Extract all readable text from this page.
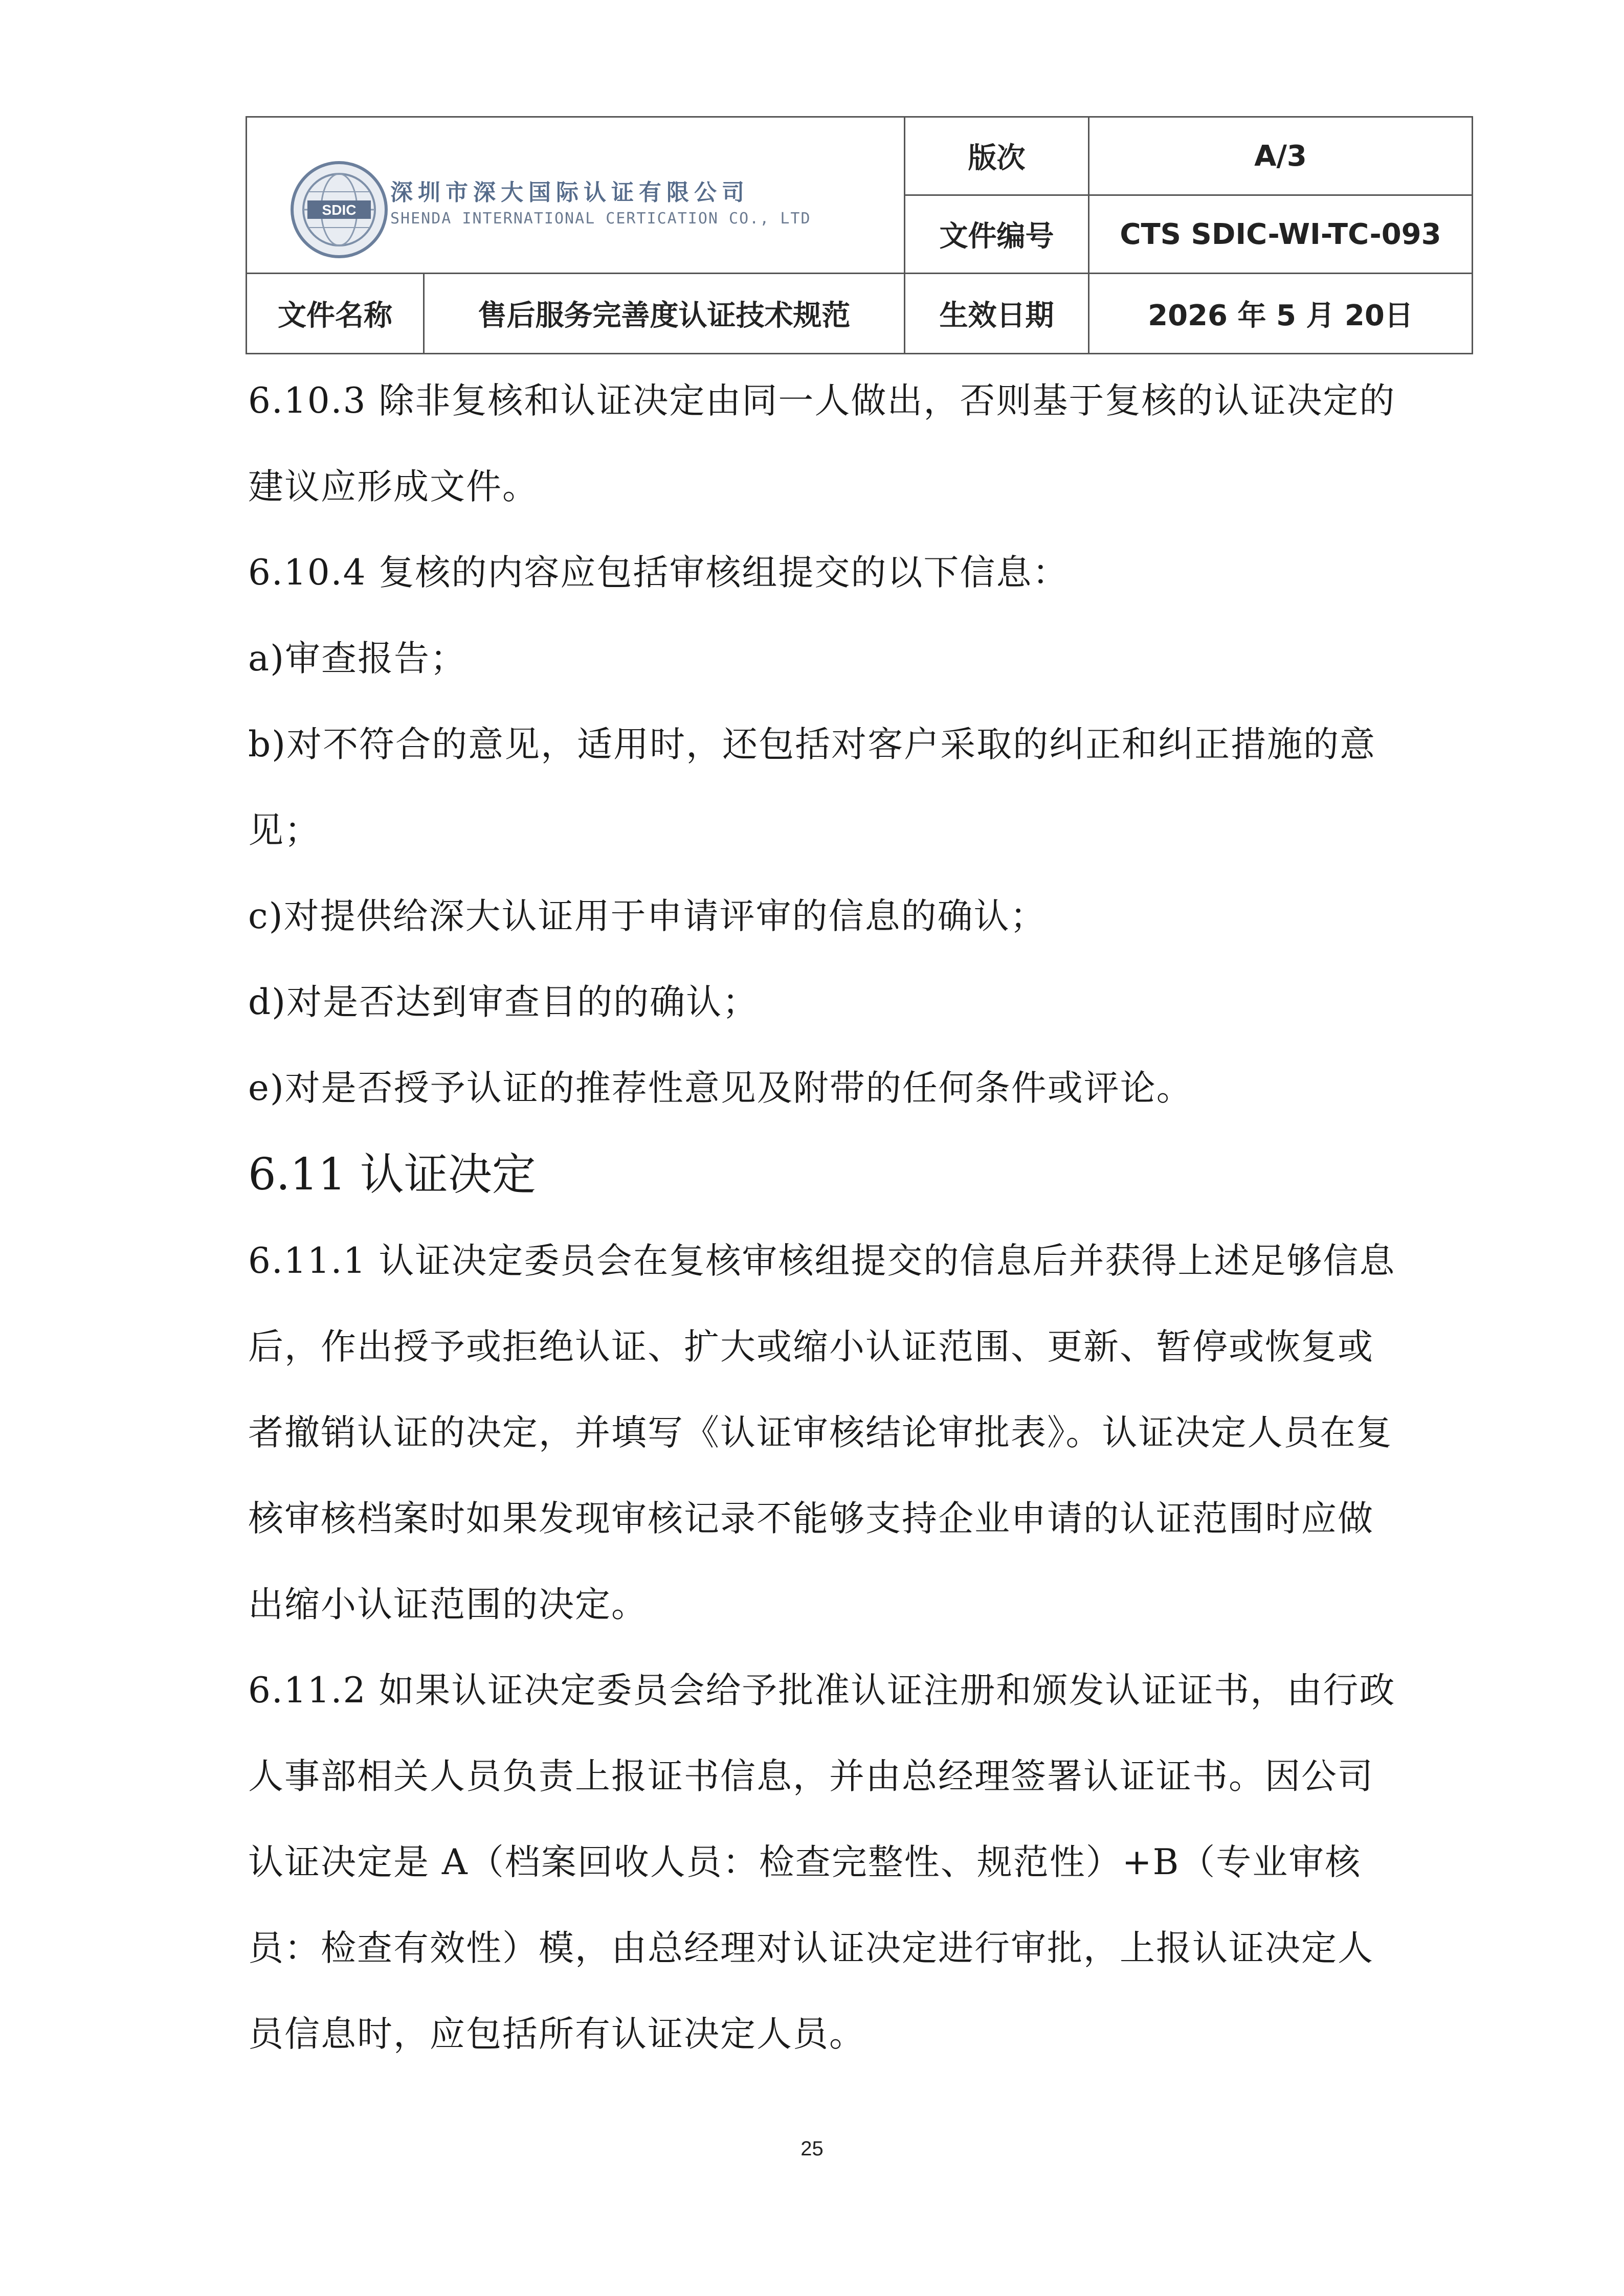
SDIC
深圳市深大国际认证有限公司
SHENDA INTERNATIONAL CERTICATION CO., LTD		版次	A/3
		文件编号	CTS SDIC-WI-TC-093
文件名称	售后服务完善度认证技术规范	生效日期	2026 年 5 月 20日

6.10.3 除非复核和认证决定由同一人做出，否则基于复核的认证决定的建议应形成文件。

6.10.4 复核的内容应包括审核组提交的以下信息：

a)审查报告；

b)对不符合的意见，适用时，还包括对客户采取的纠正和纠正措施的意见；

c)对提供给深大认证用于申请评审的信息的确认；

d)对是否达到审查目的的确认；

e)对是否授予认证的推荐性意见及附带的任何条件或评论。

6.11 认证决定

6.11.1 认证决定委员会在复核审核组提交的信息后并获得上述足够信息后，作出授予或拒绝认证、扩大或缩小认证范围、更新、暂停或恢复或者撤销认证的决定，并填写《认证审核结论审批表》。认证决定人员在复核审核档案时如果发现审核记录不能够支持企业申请的认证范围时应做出缩小认证范围的决定。

6.11.2 如果认证决定委员会给予批准认证注册和颁发认证证书，由行政人事部相关人员负责上报证书信息，并由总经理签署认证证书。因公司认证决定是 A（档案回收人员：检查完整性、规范性）+B（专业审核员：检查有效性）模，由总经理对认证决定进行审批，上报认证决定人员信息时，应包括所有认证决定人员。

25
